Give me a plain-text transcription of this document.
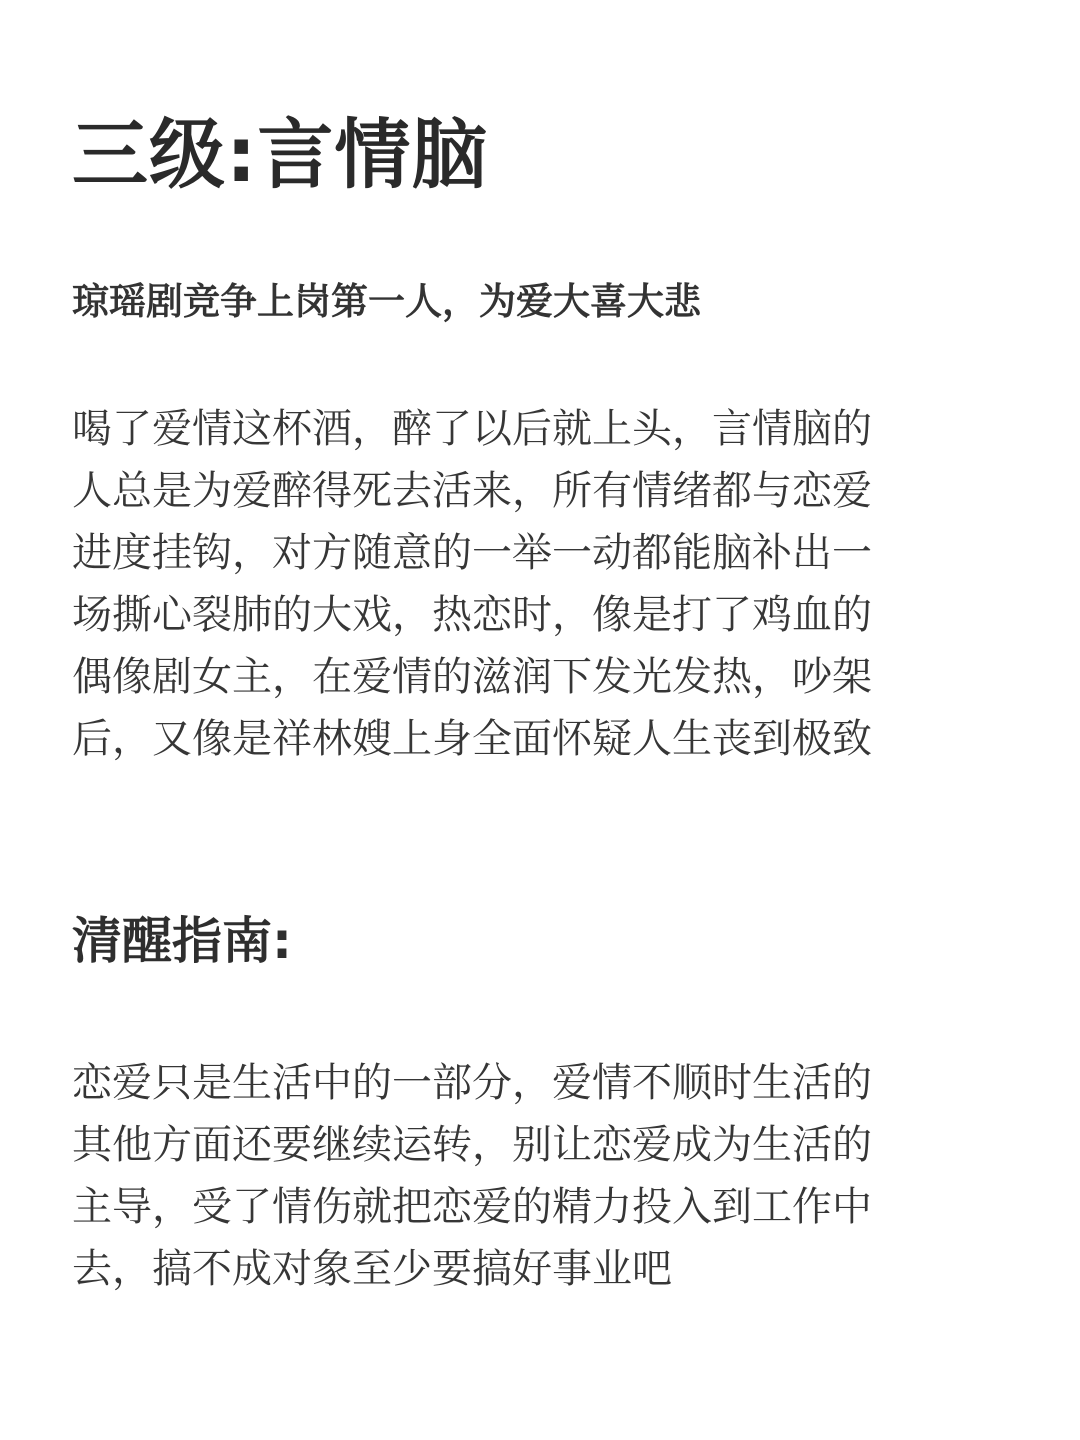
三级:言情脑
琼瑶剧竞争上岗第一人，为爱大喜大悲

喝了爱情这杯酒，醉了以后就上头，言情脑的
人总是为爱醉得死去活来，所有情绪都与恋爱
进度挂钩，对方随意的一举一动都能脑补出一
场撕心裂肺的大戏，热恋时，像是打了鸡血的
偶像剧女主，在爱情的滋润下发光发热，吵架
后，又像是祥林嫂上身全面怀疑人生丧到极致

清醒指南:

恋爱只是生活中的一部分，爱情不顺时生活的
其他方面还要继续运转，别让恋爱成为生活的
主导，受了情伤就把恋爱的精力投入到工作中
去，搞不成对象至少要搞好事业吧
